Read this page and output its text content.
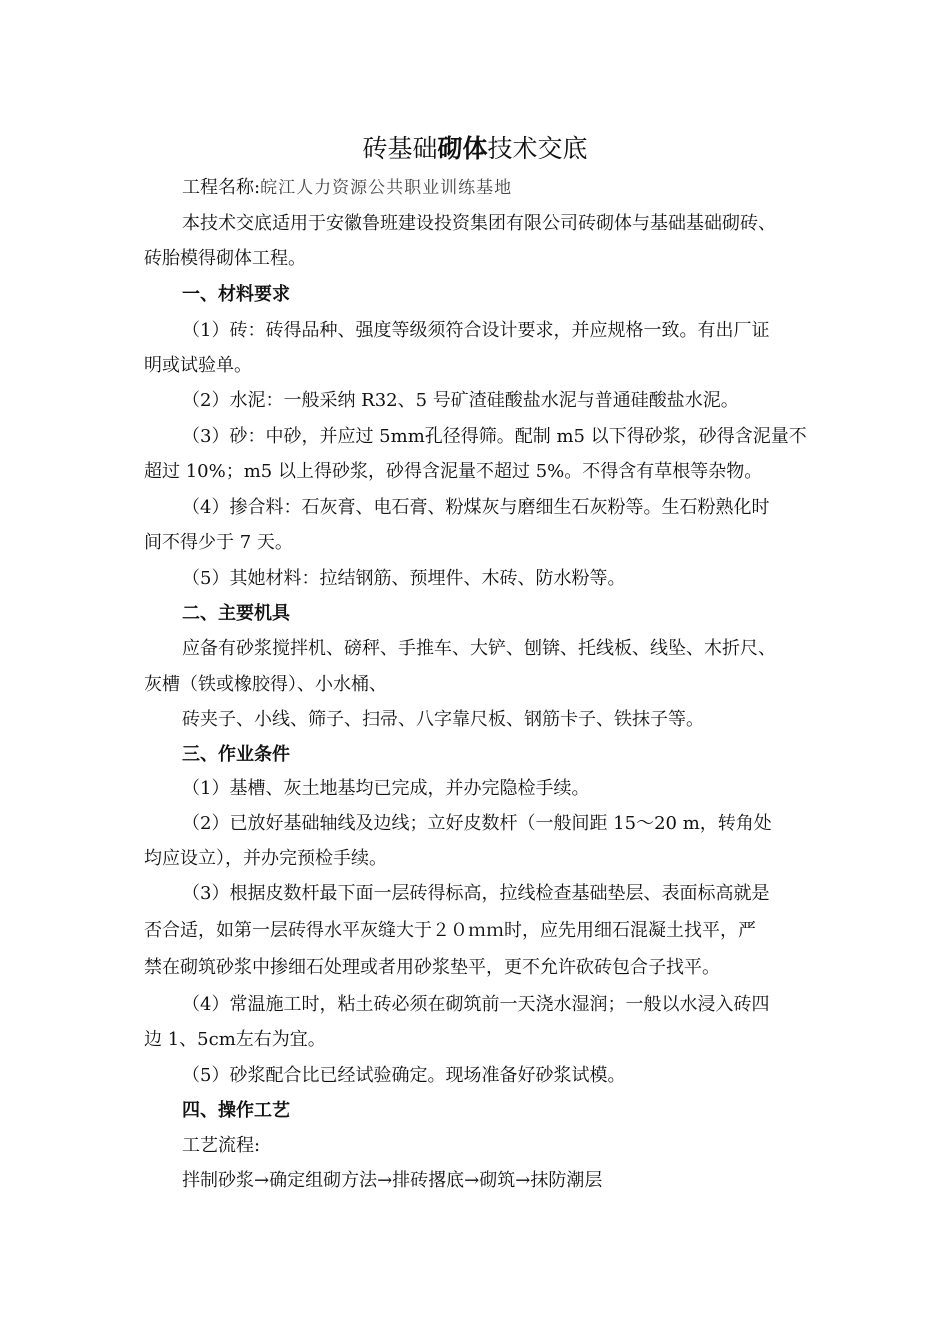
砖基础砌体技术交底
工程名称:皖江人力资源公共职业训练基地
本技术交底适用于安徽鲁班建设投资集团有限公司砖砌体与基础基础砌砖、
砖胎模得砌体工程。
一、材料要求
（1）砖：砖得品种、强度等级须符合设计要求，并应规格一致。有出厂证
明或试验单。
（2）水泥：一般采纳 R32、5 号矿渣硅酸盐水泥与普通硅酸盐水泥。
（3）砂：中砂，并应过 5mm孔径得筛。配制 m5 以下得砂浆，砂得含泥量不
超过 10%；m5 以上得砂浆，砂得含泥量不超过 5%。不得含有草根等杂物。
（4）掺合料：石灰膏、电石膏、粉煤灰与磨细生石灰粉等。生石粉熟化时
间不得少于 7 天。
（5）其她材料：拉结钢筋、预埋件、木砖、防水粉等。
二、主要机具
应备有砂浆搅拌机、磅秤、手推车、大铲、刨锛、托线板、线坠、木折尺、
灰槽（铁或橡胶得）、小水桶、
砖夹子、小线、筛子、扫帚、八字靠尺板、钢筋卡子、铁抹子等。
三、作业条件
（1）基槽、灰土地基均已完成，并办完隐检手续。
（2）已放好基础轴线及边线；立好皮数杆（一般间距 15～20 m，转角处
均应设立），并办完预检手续。
（3）根据皮数杆最下面一层砖得标高，拉线检查基础垫层、表面标高就是
否合适，如第一层砖得水平灰缝大于２０ｍｍ时，应先用细石混凝土找平，严
禁在砌筑砂浆中掺细石处理或者用砂浆垫平，更不允许砍砖包合子找平。
（4）常温施工时，粘土砖必须在砌筑前一天浇水湿润；一般以水浸入砖四
边 1、5cm左右为宜。
（5）砂浆配合比已经试验确定。现场准备好砂浆试模。
四、操作工艺
工艺流程:
拌制砂浆→确定组砌方法→排砖撂底→砌筑→抹防潮层
